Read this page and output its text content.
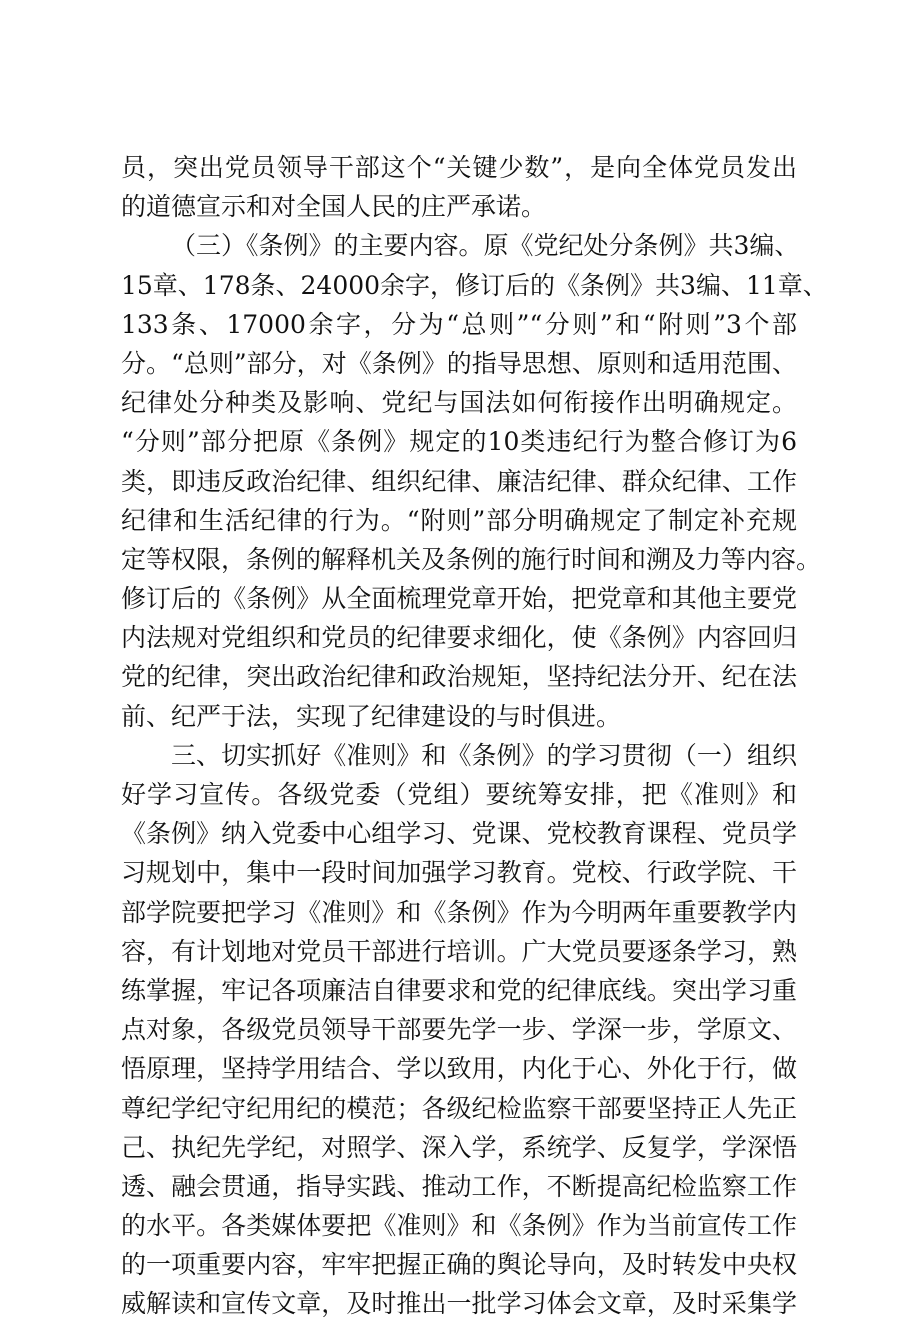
员，突出党员领导干部这个“关键少数”，是向全体党员发出
的道德宣示和对全国人民的庄严承诺。
（三）《条例》的主要内容。原《党纪处分条例》共3编、
15章、178条、24000余字，修订后的《条例》共3编、11章、
133条、17000余字，分为“总则”“分则”和“附则”3个部
分。“总则”部分，对《条例》的指导思想、原则和适用范围、
纪律处分种类及影响、党纪与国法如何衔接作出明确规定。
“分则”部分把原《条例》规定的10类违纪行为整合修订为6
类，即违反政治纪律、组织纪律、廉洁纪律、群众纪律、工作
纪律和生活纪律的行为。“附则”部分明确规定了制定补充规
定等权限，条例的解释机关及条例的施行时间和溯及力等内容。
修订后的《条例》从全面梳理党章开始，把党章和其他主要党
内法规对党组织和党员的纪律要求细化，使《条例》内容回归
党的纪律，突出政治纪律和政治规矩，坚持纪法分开、纪在法
前、纪严于法，实现了纪律建设的与时俱进。
三、切实抓好《准则》和《条例》的学习贯彻（一）组织
好学习宣传。各级党委（党组）要统筹安排，把《准则》和
《条例》纳入党委中心组学习、党课、党校教育课程、党员学
习规划中，集中一段时间加强学习教育。党校、行政学院、干
部学院要把学习《准则》和《条例》作为今明两年重要教学内
容，有计划地对党员干部进行培训。广大党员要逐条学习，熟
练掌握，牢记各项廉洁自律要求和党的纪律底线。突出学习重
点对象，各级党员领导干部要先学一步、学深一步，学原文、
悟原理，坚持学用结合、学以致用，内化于心、外化于行，做
尊纪学纪守纪用纪的模范；各级纪检监察干部要坚持正人先正
己、执纪先学纪，对照学、深入学，系统学、反复学，学深悟
透、融会贯通，指导实践、推动工作，不断提高纪检监察工作
的水平。各类媒体要把《准则》和《条例》作为当前宣传工作
的一项重要内容，牢牢把握正确的舆论导向，及时转发中央权
威解读和宣传文章，及时推出一批学习体会文章，及时采集学
